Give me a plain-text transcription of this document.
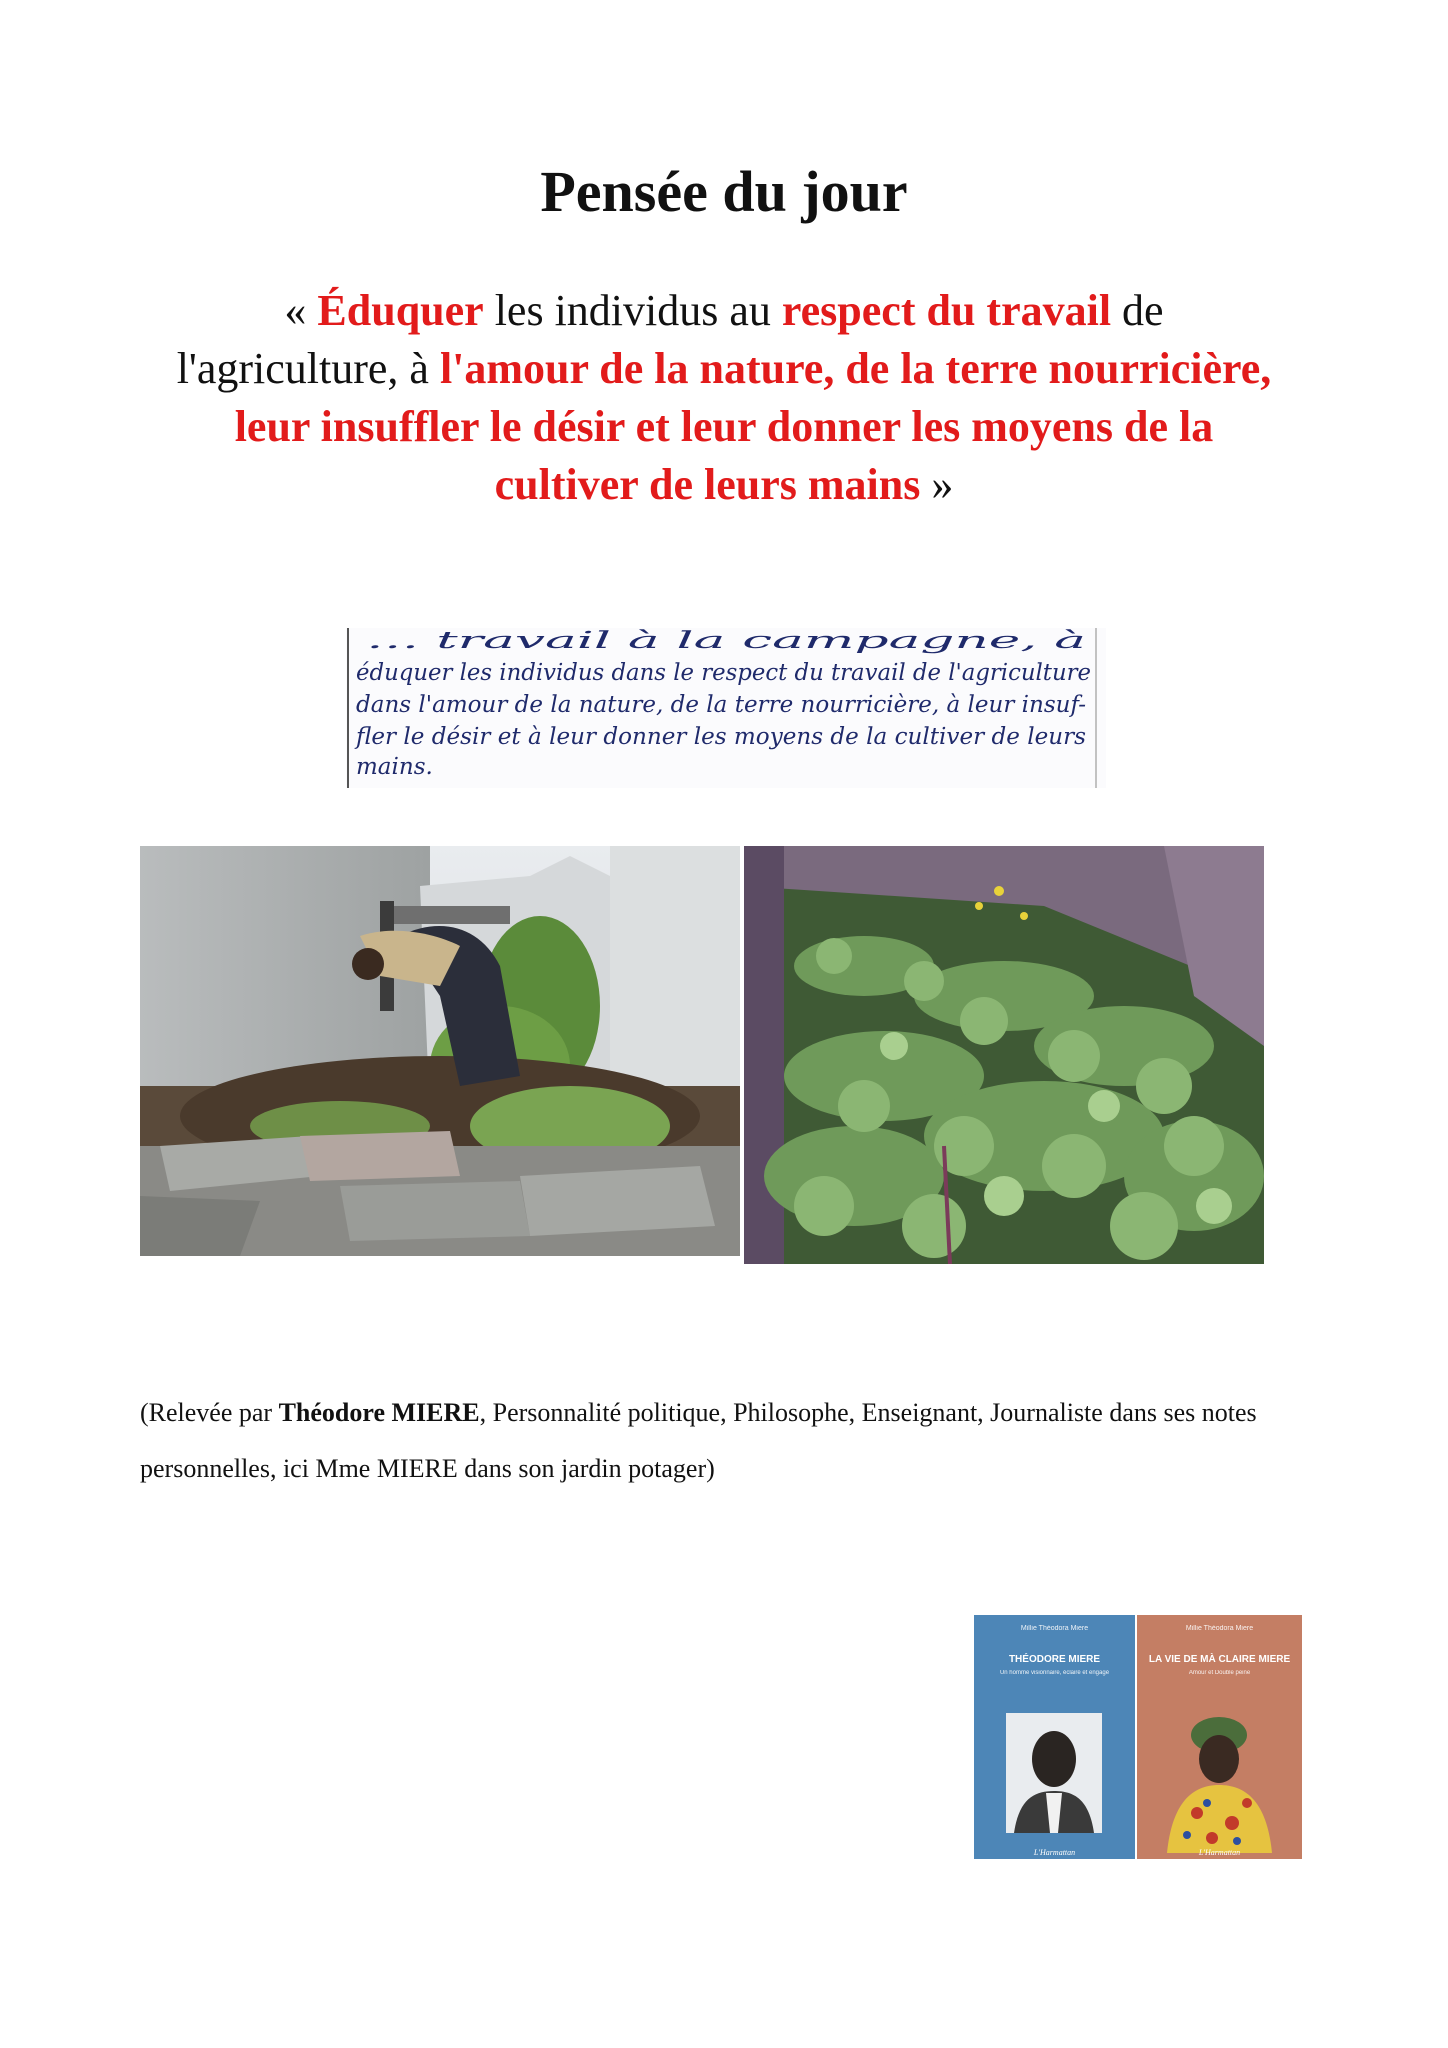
Pensée du jour
« Éduquer les individus au respect du travail de l'agriculture, à l'amour de la nature, de la terre nourricière, leur insuffler le désir et leur donner les moyens de la cultiver de leurs mains »
… travail à la campagne, à
éduquer les individus dans le respect du travail de l'agriculture
dans l'amour de la nature, de la terre nourricière, à leur insuf-
fler le désir et à leur donner les moyens de la cultiver de leurs
mains.
(Relevée par Théodore MIERE, Personnalité politique, Philosophe, Enseignant, Journaliste dans ses notes personnelles, ici Mme MIERE dans son jardin potager)
Millie Théodora Miere
THÉODORE MIERE
Un homme visionnaire, éclairé et engagé
L'Harmattan
Millie Théodora Miere
LA VIE DE MÀ CLAIRE MIERE
Amour et Double peine
L'Harmattan
